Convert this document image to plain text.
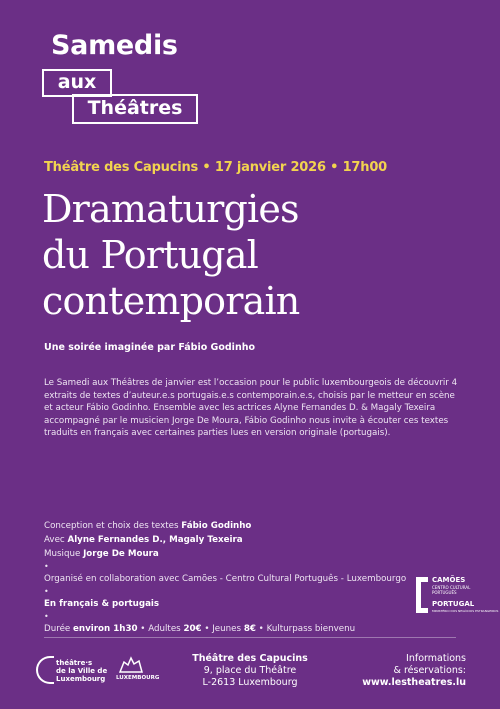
Samedis
aux
Théâtres
Théâtre des Capucins • 17 janvier 2026 • 17h00
Dramaturgies
du Portugal
contemporain
Une soirée imaginée par Fábio Godinho
Le Samedi aux Théâtres de janvier est l’occasion pour le public luxembourgeois de découvrir 4 extraits de textes d’auteur.e.s portugais.e.s contemporain.e.s, choisis par le metteur en scène et acteur Fábio Godinho. Ensemble avec les actrices Alyne Fernandes D. & Magaly Texeira accompagné par le musicien Jorge De Moura, Fábio Godinho nous invite à écouter ces textes traduits en français avec certaines parties lues en version originale (portugais).
Conception et choix des textes Fábio Godinho
Avec Alyne Fernandes D., Magaly Texeira
Musique Jorge De Moura
•
Organisé en collaboration avec Camões - Centro Cultural Português - Luxembourgo
•
En français & portugais
•
Durée environ 1h30 • Adultes 20€ • Jeunes 8€ • Kulturpass bienvenu
CAMÕES
CENTRO CULTURAL
PORTUGUÊS
PORTUGAL
MINISTÉRIO DOS NEGÓCIOS ESTRANGEIROS
théâtre·s
de la Ville de
Luxembourg	LUXEMBOURG
Théâtre des Capucins
9, place du Théâtre
L-2613 Luxembourg
Informations
& réservations:
www.lestheatres.lu
